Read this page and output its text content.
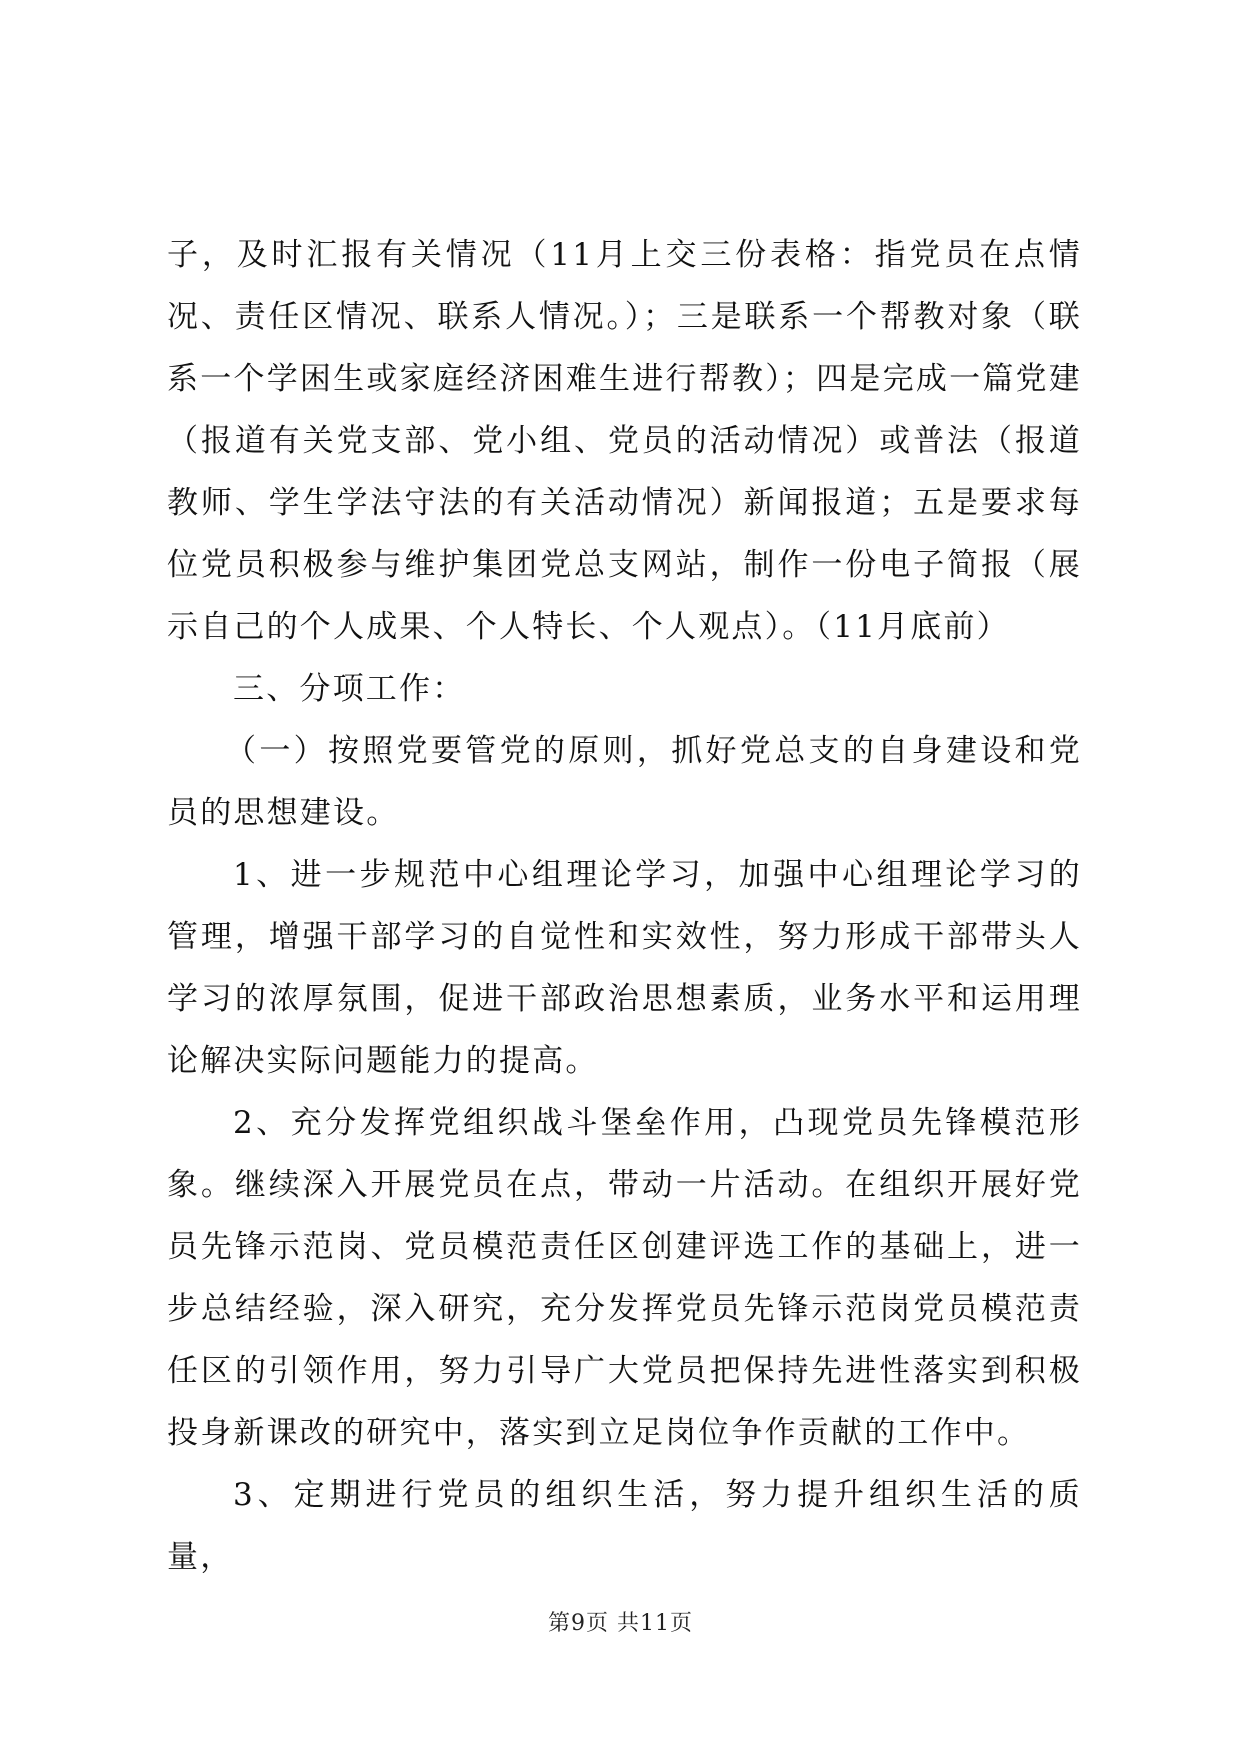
子，及时汇报有关情况（11月上交三份表格：指党员在点情况、责任区情况、联系人情况。）；三是联系一个帮教对象（联系一个学困生或家庭经济困难生进行帮教）；四是完成一篇党建（报道有关党支部、党小组、党员的活动情况）或普法（报道教师、学生学法守法的有关活动情况）新闻报道；五是要求每位党员积极参与维护集团党总支网站，制作一份电子简报（展示自己的个人成果、个人特长、个人观点）。（11月底前）

三、分项工作：

（一）按照党要管党的原则，抓好党总支的自身建设和党员的思想建设。

1、进一步规范中心组理论学习，加强中心组理论学习的管理，增强干部学习的自觉性和实效性，努力形成干部带头人学习的浓厚氛围，促进干部政治思想素质，业务水平和运用理论解决实际问题能力的提高。

2、充分发挥党组织战斗堡垒作用，凸现党员先锋模范形象。继续深入开展党员在点，带动一片活动。在组织开展好党员先锋示范岗、党员模范责任区创建评选工作的基础上，进一步总结经验，深入研究，充分发挥党员先锋示范岗党员模范责任区的引领作用，努力引导广大党员把保持先进性落实到积极投身新课改的研究中，落实到立足岗位争作贡献的工作中。

3、定期进行党员的组织生活，努力提升组织生活的质量，

第9页 共11页
